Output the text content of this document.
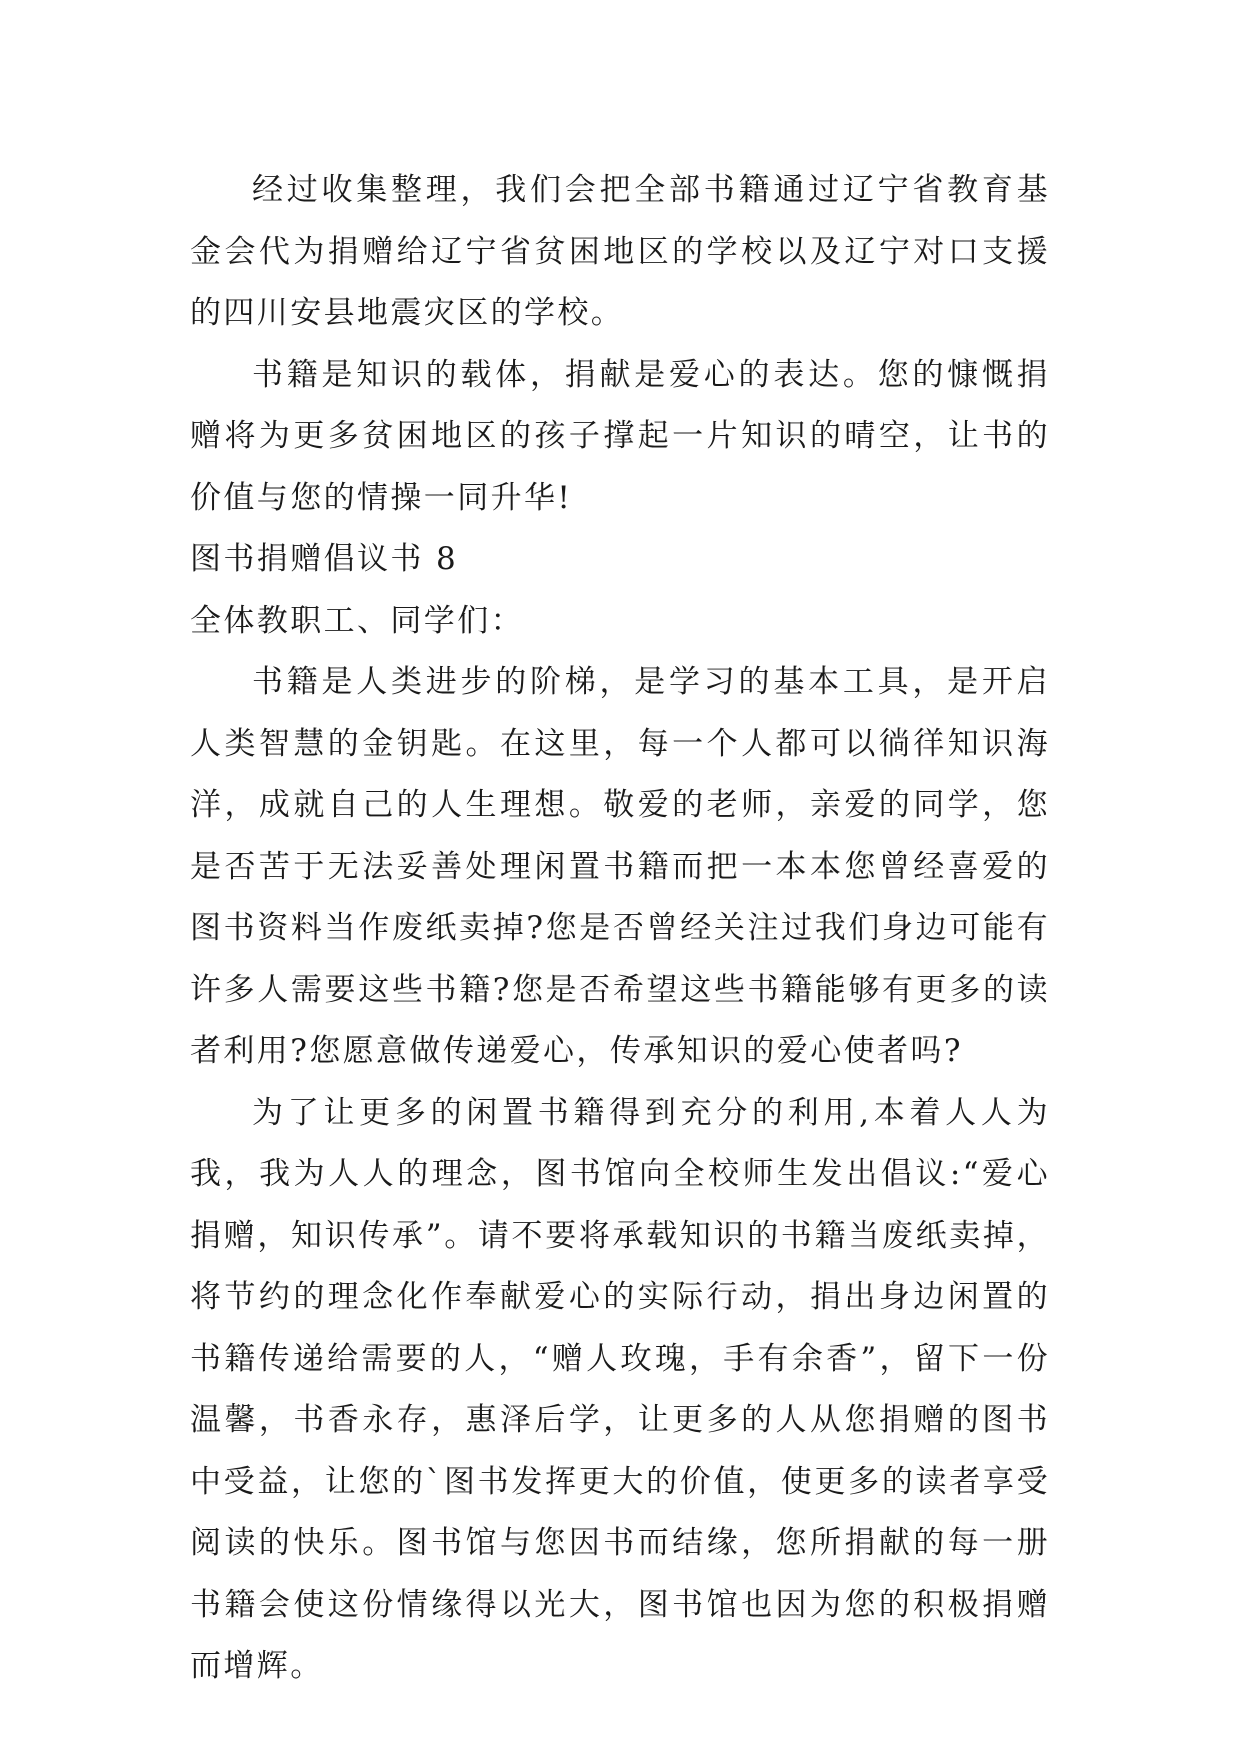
经过收集整理，我们会把全部书籍通过辽宁省教育基金会代为捐赠给辽宁省贫困地区的学校以及辽宁对口支援的四川安县地震灾区的学校。

书籍是知识的载体，捐献是爱心的表达。您的慷慨捐赠将为更多贫困地区的孩子撑起一片知识的晴空，让书的价值与您的情操一同升华!

图书捐赠倡议书 8

全体教职工、同学们：

书籍是人类进步的阶梯，是学习的基本工具，是开启人类智慧的金钥匙。在这里，每一个人都可以徜徉知识海洋，成就自己的人生理想。敬爱的老师，亲爱的同学，您是否苦于无法妥善处理闲置书籍而把一本本您曾经喜爱的图书资料当作废纸卖掉?您是否曾经关注过我们身边可能有许多人需要这些书籍?您是否希望这些书籍能够有更多的读者利用?您愿意做传递爱心，传承知识的爱心使者吗?

为了让更多的闲置书籍得到充分的利用,本着人人为我，我为人人的理念，图书馆向全校师生发出倡议:“爱心捐赠，知识传承”。请不要将承载知识的书籍当废纸卖掉，将节约的理念化作奉献爱心的实际行动，捐出身边闲置的书籍传递给需要的人，“赠人玫瑰，手有余香”，留下一份温馨，书香永存，惠泽后学，让更多的人从您捐赠的图书中受益，让您的`图书发挥更大的价值，使更多的读者享受阅读的快乐。图书馆与您因书而结缘，您所捐献的每一册书籍会使这份情缘得以光大，图书馆也因为您的积极捐赠而增辉。
